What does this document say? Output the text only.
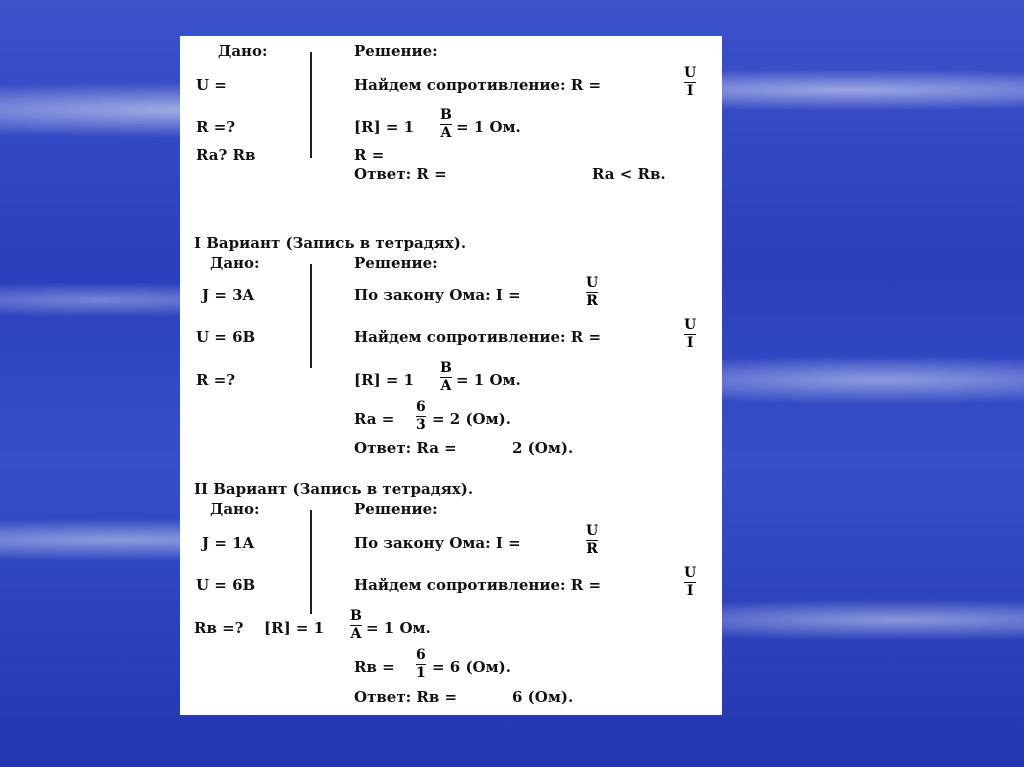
Дано:	Решение:
U =	Найдем сопротивление: R =
U
I
R =?	[R] = 1
B
A = 1 Ом.
Ra? Rв	R =
Ответ: R =	Ra < Rв.
I Вариант (Запись в тетрадях).
Дано:	Решение:
J = 3A	По закону Ома: I =
U
R
U = 6B	Найдем сопротивление: R =
U
I
R =?	[R] = 1
B
A = 1 Ом.
Ra =
6
3 = 2 (Ом).
Ответ: Ra =	2 (Ом).
II Вариант (Запись в тетрадях).
Дано:	Решение:
J = 1A	По закону Ома: I =
U
R
U = 6B	Найдем сопротивление: R =
U
I
Rв =? [R] = 1
B
A = 1 Ом.
Rв =
6
1 = 6 (Ом).
Ответ: Rв =	6 (Ом).
